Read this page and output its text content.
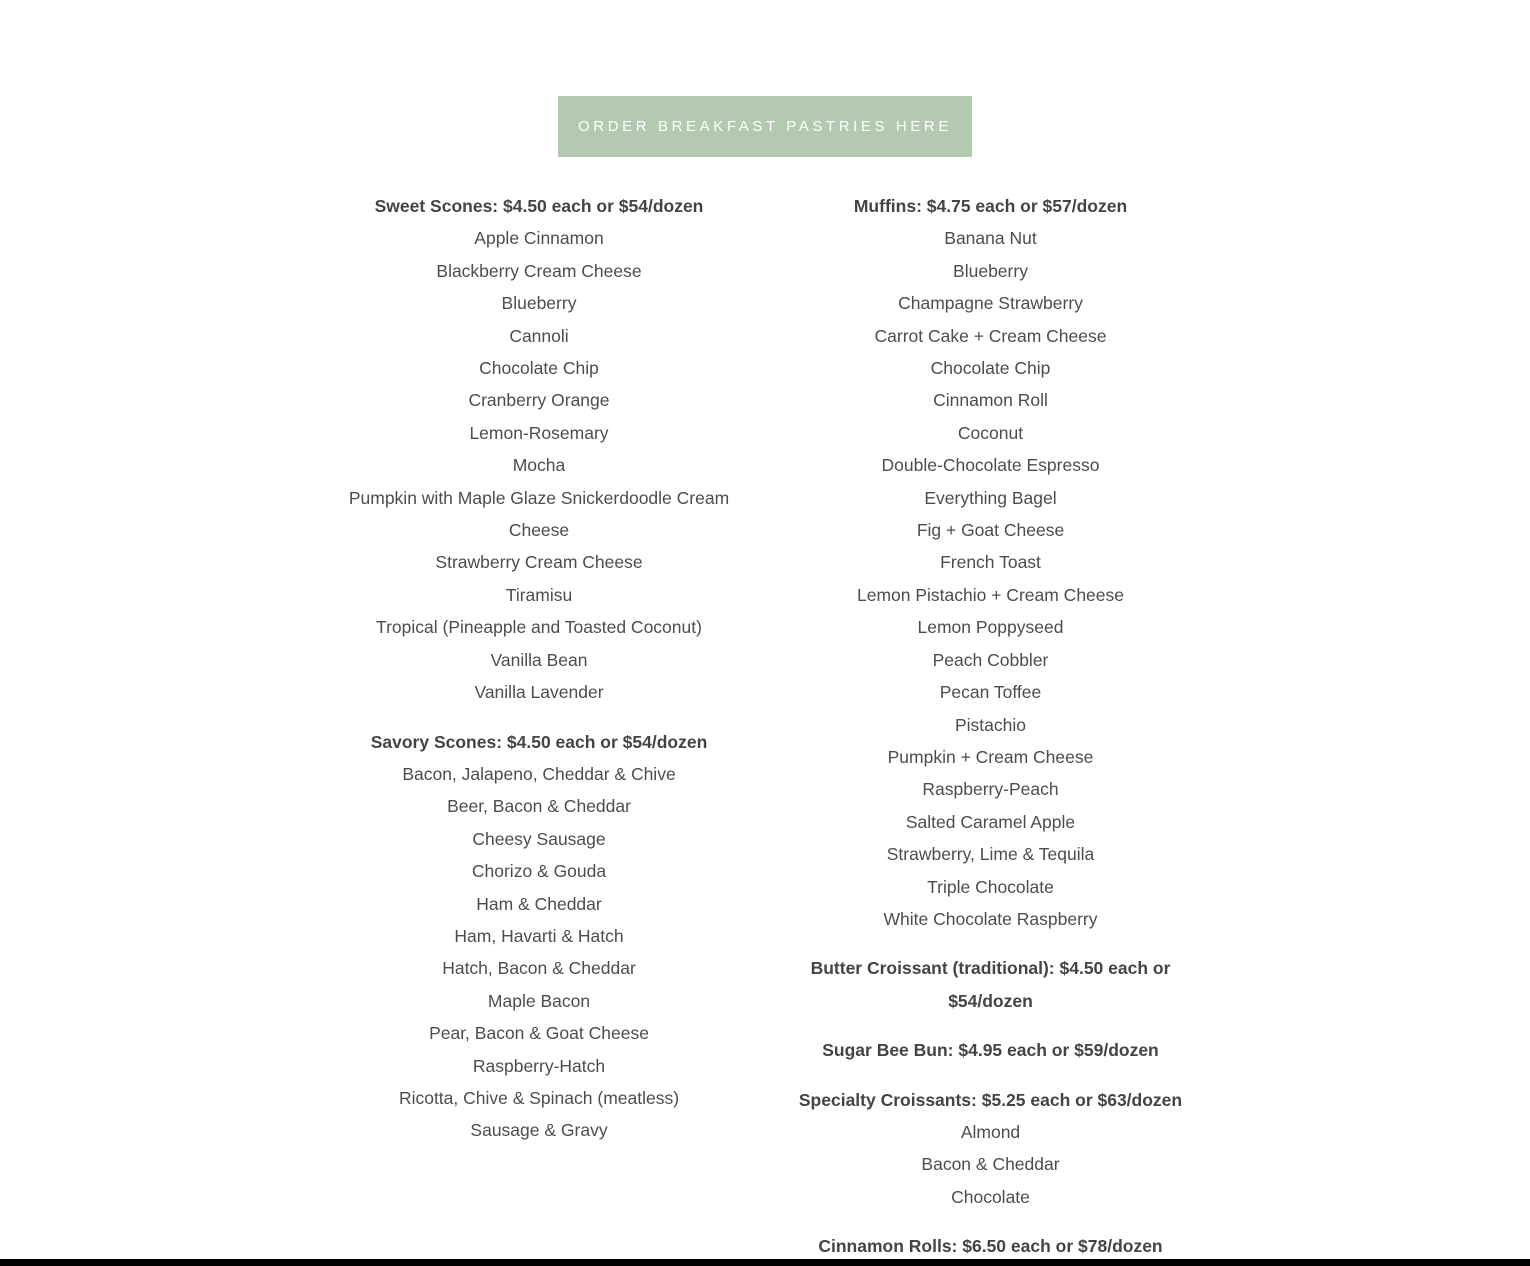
ORDER BREAKFAST PASTRIES HERE
Sweet Scones: $4.50 each or $54/dozen
Apple Cinnamon
Blackberry Cream Cheese
Blueberry
Cannoli
Chocolate Chip
Cranberry Orange
Lemon-Rosemary
Mocha
Pumpkin with Maple Glaze Snickerdoodle Cream Cheese
Strawberry Cream Cheese
Tiramisu
Tropical (Pineapple and Toasted Coconut)
Vanilla Bean
Vanilla Lavender
Savory Scones: $4.50 each or $54/dozen
Bacon, Jalapeno, Cheddar & Chive
Beer, Bacon & Cheddar
Cheesy Sausage
Chorizo & Gouda
Ham & Cheddar
Ham, Havarti & Hatch
Hatch, Bacon & Cheddar
Maple Bacon
Pear, Bacon & Goat Cheese
Raspberry-Hatch
Ricotta, Chive & Spinach (meatless)
Sausage & Gravy
Muffins: $4.75 each or $57/dozen
Banana Nut
Blueberry
Champagne Strawberry
Carrot Cake + Cream Cheese
Chocolate Chip
Cinnamon Roll
Coconut
Double-Chocolate Espresso
Everything Bagel
Fig + Goat Cheese
French Toast
Lemon Pistachio + Cream Cheese
Lemon Poppyseed
Peach Cobbler
Pecan Toffee
Pistachio
Pumpkin + Cream Cheese
Raspberry-Peach
Salted Caramel Apple
Strawberry, Lime & Tequila
Triple Chocolate
White Chocolate Raspberry
Butter Croissant (traditional): $4.50 each or $54/dozen
Sugar Bee Bun: $4.95 each or $59/dozen
Specialty Croissants: $5.25 each or $63/dozen
Almond
Bacon & Cheddar
Chocolate
Cinnamon Rolls: $6.50 each or $78/dozen
